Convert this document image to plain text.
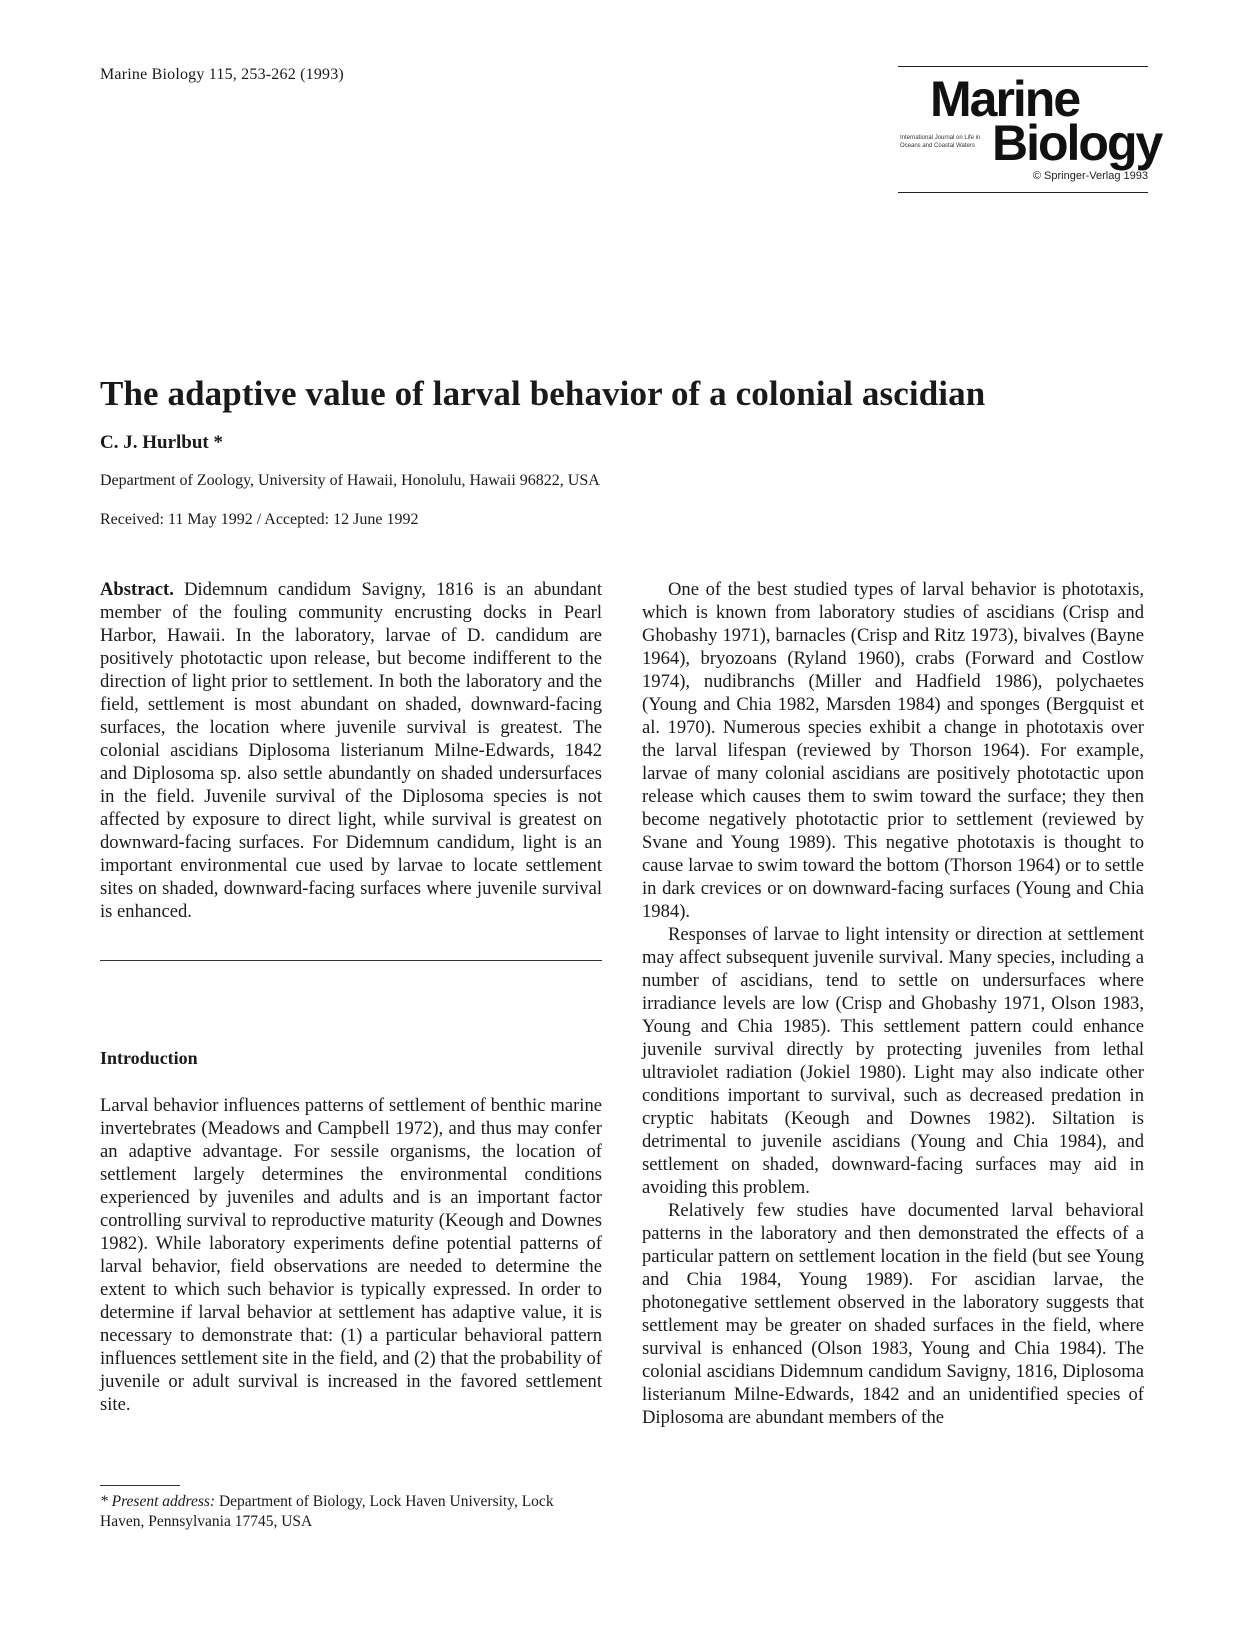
Marine Biology 115, 253-262 (1993)	Marine
International Journal on Life in Oceans and Coastal Waters Biology
© Springer-Verlag 1993
The adaptive value of larval behavior of a colonial ascidian
C. J. Hurlbut *
Department of Zoology, University of Hawaii, Honolulu, Hawaii 96822, USA
Received: 11 May 1992 / Accepted: 12 June 1992

Abstract. Didemnum candidum Savigny, 1816 is an abundant member of the fouling community encrusting docks in Pearl Harbor, Hawaii. In the laboratory, larvae of D. candidum are positively phototactic upon release, but become indifferent to the direction of light prior to settlement. In both the laboratory and the field, settlement is most abundant on shaded, downward-facing surfaces, the location where juvenile survival is greatest. The colonial ascidians Diplosoma listerianum Milne-Edwards, 1842 and Diplosoma sp. also settle abundantly on shaded undersurfaces in the field. Juvenile survival of the Diplosoma species is not affected by exposure to direct light, while survival is greatest on downward-facing surfaces. For Didemnum candidum, light is an important environmental cue used by larvae to locate settlement sites on shaded, downward-facing surfaces where juvenile survival is enhanced.

Introduction

Larval behavior influences patterns of settlement of benthic marine invertebrates (Meadows and Campbell 1972), and thus may confer an adaptive advantage. For sessile organisms, the location of settlement largely determines the environmental conditions experienced by juveniles and adults and is an important factor controlling survival to reproductive maturity (Keough and Downes 1982). While laboratory experiments define potential patterns of larval behavior, field observations are needed to determine the extent to which such behavior is typically expressed. In order to determine if larval behavior at settlement has adaptive value, it is necessary to demonstrate that: (1) a particular behavioral pattern influences settlement site in the field, and (2) that the probability of juvenile or adult survival is increased in the favored settlement site.

* Present address: Department of Biology, Lock Haven University, Lock Haven, Pennsylvania 17745, USA

One of the best studied types of larval behavior is phototaxis, which is known from laboratory studies of ascidians (Crisp and Ghobashy 1971), barnacles (Crisp and Ritz 1973), bivalves (Bayne 1964), bryozoans (Ryland 1960), crabs (Forward and Costlow 1974), nudibranchs (Miller and Hadfield 1986), polychaetes (Young and Chia 1982, Marsden 1984) and sponges (Bergquist et al. 1970). Numerous species exhibit a change in phototaxis over the larval lifespan (reviewed by Thorson 1964). For example, larvae of many colonial ascidians are positively phototactic upon release which causes them to swim toward the surface; they then become negatively phototactic prior to settlement (reviewed by Svane and Young 1989). This negative phototaxis is thought to cause larvae to swim toward the bottom (Thorson 1964) or to settle in dark crevices or on downward-facing surfaces (Young and Chia 1984).

Responses of larvae to light intensity or direction at settlement may affect subsequent juvenile survival. Many species, including a number of ascidians, tend to settle on undersurfaces where irradiance levels are low (Crisp and Ghobashy 1971, Olson 1983, Young and Chia 1985). This settlement pattern could enhance juvenile survival directly by protecting juveniles from lethal ultraviolet radiation (Jokiel 1980). Light may also indicate other conditions important to survival, such as decreased predation in cryptic habitats (Keough and Downes 1982). Siltation is detrimental to juvenile ascidians (Young and Chia 1984), and settlement on shaded, downward-facing surfaces may aid in avoiding this problem.

Relatively few studies have documented larval behavioral patterns in the laboratory and then demonstrated the effects of a particular pattern on settlement location in the field (but see Young and Chia 1984, Young 1989). For ascidian larvae, the photonegative settlement observed in the laboratory suggests that settlement may be greater on shaded surfaces in the field, where survival is enhanced (Olson 1983, Young and Chia 1984). The colonial ascidians Didemnum candidum Savigny, 1816, Diplosoma listerianum Milne-Edwards, 1842 and an unidentified species of Diplosoma are abundant members of the
